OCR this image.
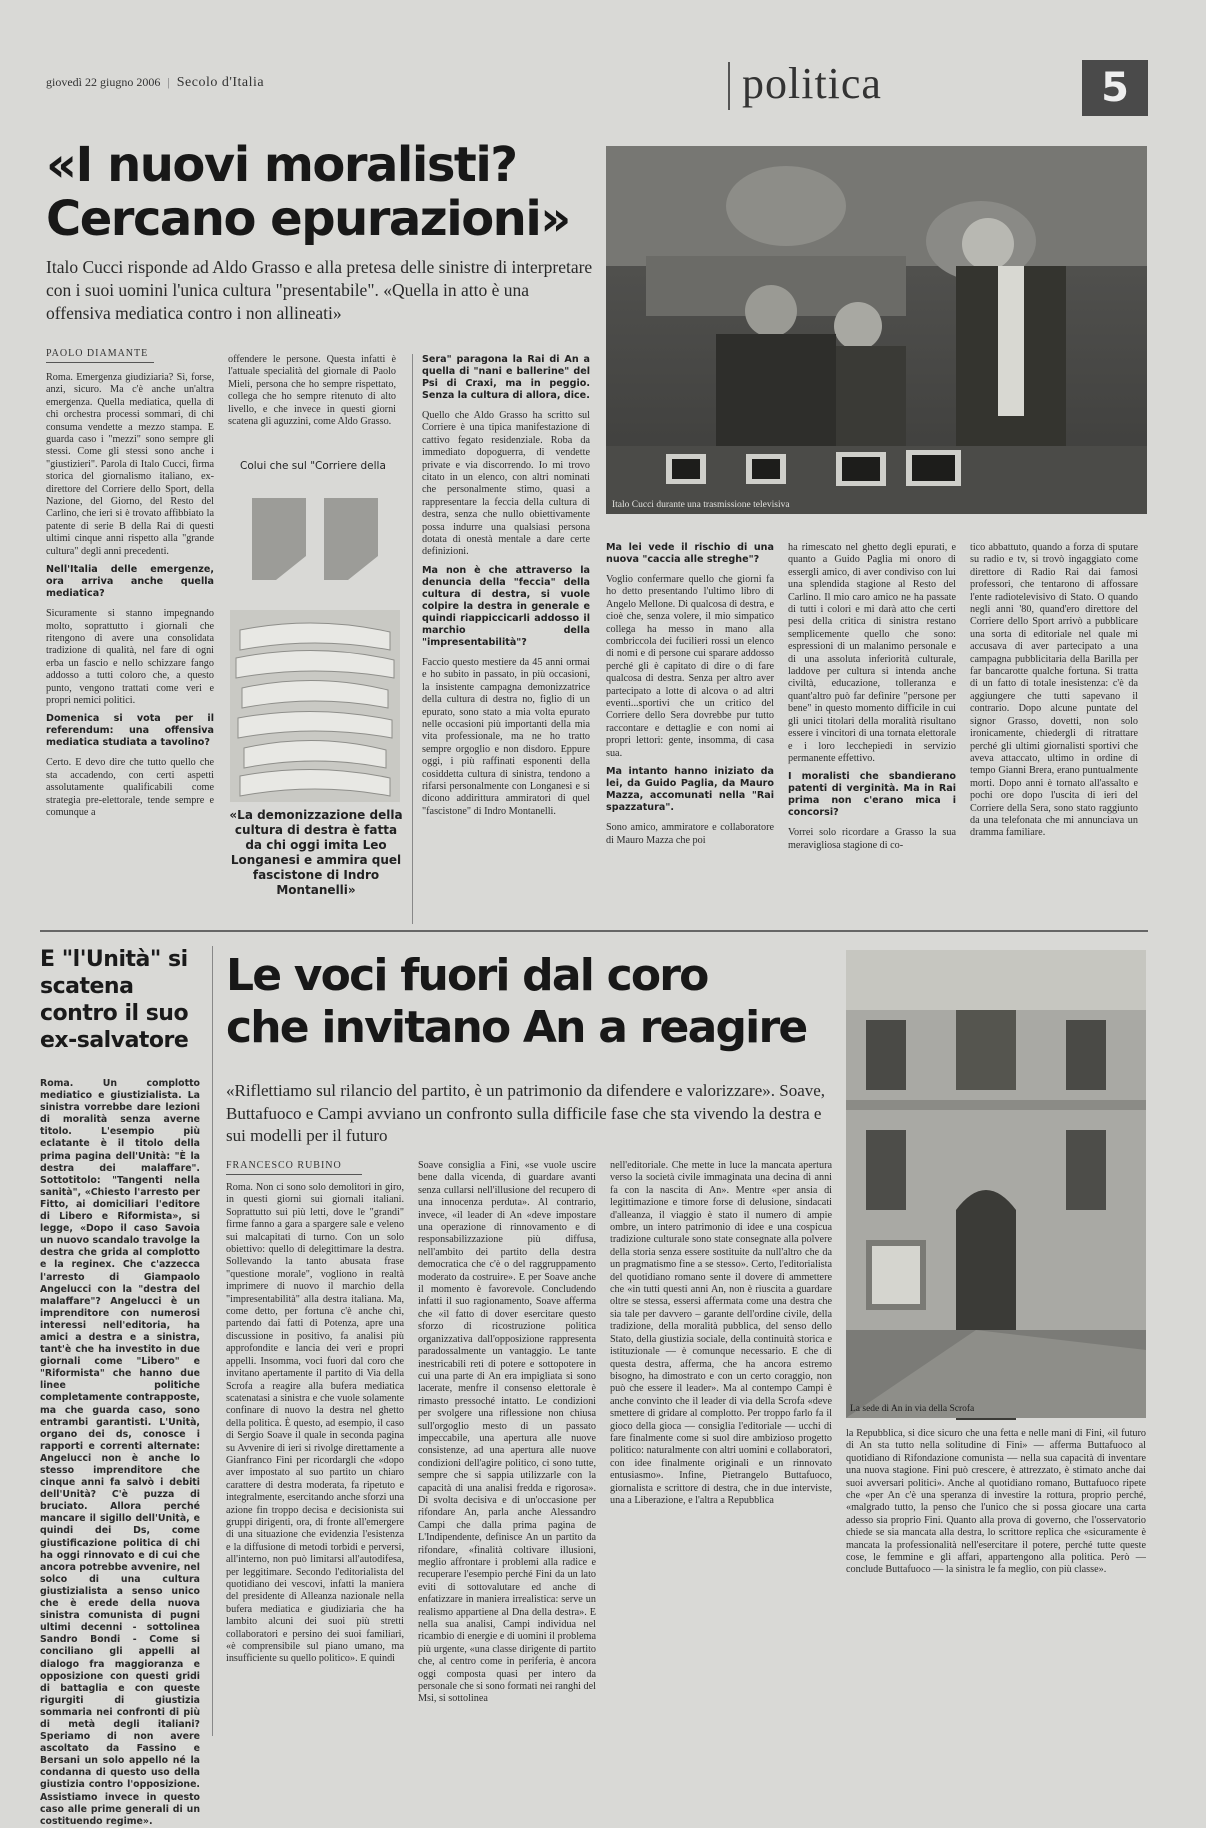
giovedì 22 giugno 2006 | Secolo d'Italia	politica	5
«I nuovi moralisti?
Cercano epurazioni»
Italo Cucci risponde ad Aldo Grasso e alla pretesa delle sinistre di interpretare con i suoi uomini l'unica cultura "presentabile". «Quella in atto è una offensiva mediatica contro i non allineati»
PAOLO DIAMANTE
Italo Cucci durante una trasmissione televisiva

Roma. Emergenza giudiziaria? Sì, forse, anzi, sicuro. Ma c'è anche un'altra emergenza. Quella mediatica, quella di chi orchestra processi sommari, di chi consuma vendette a mezzo stampa. E guarda caso i "mezzi" sono sempre gli stessi. Come gli stessi sono anche i "giustizieri". Parola di Italo Cucci, firma storica del giornalismo italiano, ex-direttore del Corriere dello Sport, della Nazione, del Giorno, del Resto del Carlino, che ieri si è trovato affibbiato la patente di serie B della Rai di questi ultimi cinque anni rispetto alla "grande cultura" degli anni precedenti.

Nell'Italia delle emergenze, ora arriva anche quella mediatica?

Sicuramente si stanno impegnando molto, soprattutto i giornali che ritengono di avere una consolidata tradizione di qualità, nel fare di ogni erba un fascio e nello schizzare fango addosso a tutti coloro che, a questo punto, vengono trattati come veri e propri nemici politici.

Domenica si vota per il referendum: una offensiva mediatica studiata a tavolino?

Certo. E devo dire che tutto quello che sta accadendo, con certi aspetti assolutamente qualificabili come strategia pre-elettorale, tende sempre e comunque a

offendere le persone. Questa infatti è l'attuale specialità del giornale di Paolo Mieli, persona che ho sempre rispettato, collega che ho sempre ritenuto di alto livello, e che invece in questi giorni scatena gli aguzzini, come Aldo Grasso.

Colui che sul "Corriere della
«La demonizzazione della cultura di destra è fatta da chi oggi imita Leo Longanesi e ammira quel fascistone di Indro Montanelli»
Sera" paragona la Rai di An a quella di "nani e ballerine" del Psi di Craxi, ma in peggio. Senza la cultura di allora, dice.

Quello che Aldo Grasso ha scritto sul Corriere è una tipica manifestazione di cattivo fegato residenziale. Roba da immediato dopoguerra, di vendette private e via discorrendo. Io mi trovo citato in un elenco, con altri nominati che personalmente stimo, quasi a rappresentare la feccia della cultura di destra, senza che nullo obiettivamente possa indurre una qualsiasi persona dotata di onestà mentale a dare certe definizioni.

Ma non è che attraverso la denuncia della "feccia" della cultura di destra, si vuole colpire la destra in generale e quindi riappiccicarli addosso il marchio della "impresentabilità"?

Faccio questo mestiere da 45 anni ormai e ho subito in passato, in più occasioni, la insistente campagna demonizzatrice della cultura di destra no, figlio di un epurato, sono stato a mia volta epurato nelle occasioni più importanti della mia vita professionale, ma ne ho tratto sempre orgoglio e non disdoro. Eppure oggi, i più raffinati esponenti della cosiddetta cultura di sinistra, tendono a rifarsi personalmente con Longanesi e si dicono addirittura ammiratori di quel "fascistone" di Indro Montanelli.

Ma lei vede il rischio di una nuova "caccia alle streghe"?

Voglio confermare quello che giorni fa ho detto presentando l'ultimo libro di Angelo Mellone. Di qualcosa di destra, e cioè che, senza volere, il mio simpatico collega ha messo in mano alla combriccola dei fucilieri rossi un elenco di nomi e di persone cui sparare addosso perché gli è capitato di dire o di fare qualcosa di destra. Senza per altro aver partecipato a lotte di alcova o ad altri eventi...sportivi che un critico del Corriere dello Sera dovrebbe pur tutto raccontare e dettaglie e con nomi ai propri lettori: gente, insomma, di casa sua.

Ma intanto hanno iniziato da lei, da Guido Paglia, da Mauro Mazza, accomunati nella "Rai spazzatura".

Sono amico, ammiratore e collaboratore di Mauro Mazza che poi

ha rimescato nel ghetto degli epurati, e quanto a Guido Paglia mi onoro di essergli amico, di aver condiviso con lui una splendida stagione al Resto del Carlino. Il mio caro amico ne ha passate di tutti i colori e mi darà atto che certi pesi della critica di sinistra restano semplicemente quello che sono: espressioni di un malanimo personale e di una assoluta inferiorità culturale, laddove per cultura si intenda anche civiltà, educazione, tolleranza e quant'altro può far definire "persone per bene" in questo momento difficile in cui gli unici titolari della moralità risultano essere i vincitori di una tornata elettorale e i loro lecchepiedi in servizio permanente effettivo.

I moralisti che sbandierano patenti di verginità. Ma in Rai prima non c'erano mica i concorsi?

Vorrei solo ricordare a Grasso la sua meravigliosa stagione di co-

tico abbattuto, quando a forza di sputare su radio e tv, si trovò ingaggiato come direttore di Radio Rai dai famosi professori, che tentarono di affossare l'ente radiotelevisivo di Stato. O quando negli anni '80, quand'ero direttore del Corriere dello Sport arrivò a pubblicare una sorta di editoriale nel quale mi accusava di aver partecipato a una campagna pubblicitaria della Barilla per far bancarotte qualche fortuna. Si tratta di un fatto di totale inesistenza: c'è da aggiungere che tutti sapevano il contrario. Dopo alcune puntate del signor Grasso, dovetti, non solo ironicamente, chiedergli di ritrattare perché gli ultimi giornalisti sportivi che aveva attaccato, ultimo in ordine di tempo Gianni Brera, erano puntualmente morti. Dopo anni è tornato all'assalto e pochi ore dopo l'uscita di ieri del Corriere della Sera, sono stato raggiunto da una telefonata che mi annunciava un dramma familiare.

E "l'Unità" si scatena contro il suo ex-salvatore
Roma. Un complotto mediatico e giustizialista. La sinistra vorrebbe dare lezioni di moralità senza averne titolo. L'esempio più eclatante è il titolo della prima pagina dell'Unità: "È la destra dei malaffare". Sottotitolo: "Tangenti nella sanità", «Chiesto l'arresto per Fitto, ai domiciliari l'editore di Libero e Riformista», si legge, «Dopo il caso Savoia un nuovo scandalo travolge la destra che grida al complotto e la reginex. Che c'azzecca l'arresto di Giampaolo Angelucci con la "destra del malaffare"? Angelucci è un imprenditore con numerosi interessi nell'editoria, ha amici a destra e a sinistra, tant'è che ha investito in due giornali come "Libero" e "Riformista" che hanno due linee politiche completamente contrapposte, ma che guarda caso, sono entrambi garantisti. L'Unità, organo dei ds, conosce i rapporti e correnti alternate: Angelucci non è anche lo stesso imprenditore che cinque anni fa salvò i debiti dell'Unità? C'è puzza di bruciato. Allora perché mancare il sigillo dell'Unità, e quindi dei Ds, come giustificazione politica di chi ha oggi rinnovato e di cui che ancora potrebbe avvenire, nel solco di una cultura giustizialista a senso unico che è erede della nuova sinistra comunista di pugni ultimi decenni - sottolinea Sandro Bondi - Come si conciliano gli appelli al dialogo fra maggioranza e opposizione con questi gridi di battaglia e con queste rigurgiti di giustizia sommaria nei confronti di più di metà degli italiani? Speriamo di non avere ascoltato da Fassino e Bersani un solo appello né la condanna di questo uso della giustizia contro l'opposizione. Assistiamo invece in questo caso alle prime generali di un costituendo regime».
Le voci fuori dal coro
che invitano An a reagire
«Riflettiamo sul rilancio del partito, è un patrimonio da difendere e valorizzare». Soave, Buttafuoco e Campi avviano un confronto sulla difficile fase che sta vivendo la destra e sui modelli per il futuro
FRANCESCO RUBINO
La sede di An in via della Scrofa

Roma. Non ci sono solo demolitori in giro, in questi giorni sui giornali italiani. Soprattutto sui più letti, dove le "grandi" firme fanno a gara a spargere sale e veleno sui malcapitati di turno. Con un solo obiettivo: quello di delegittimare la destra. Sollevando la tanto abusata frase "questione morale", vogliono in realtà imprimere di nuovo il marchio della "impresentabilità" alla destra italiana. Ma, come detto, per fortuna c'è anche chi, partendo dai fatti di Potenza, apre una discussione in positivo, fa analisi più approfondite e lancia dei veri e propri appelli. Insomma, voci fuori dal coro che invitano apertamente il partito di Via della Scrofa a reagire alla bufera mediatica scatenatasi a sinistra e che vuole solamente confinare di nuovo la destra nel ghetto della politica. È questo, ad esempio, il caso di Sergio Soave il quale in seconda pagina su Avvenire di ieri si rivolge direttamente a Gianfranco Fini per ricordargli che «dopo aver impostato al suo partito un chiaro carattere di destra moderata, fa ripetuto e integralmente, esercitando anche sforzi una azione fin troppo decisa e decisionista sui gruppi dirigenti, ora, di fronte all'emergere di una situazione che evidenzia l'esistenza e la diffusione di metodi torbidi e perversi, all'interno, non può limitarsi all'autodifesa, per leggitimare. Secondo l'editorialista del quotidiano dei vescovi, infatti la maniera del presidente di Alleanza nazionale nella bufera mediatica e giudiziaria che ha lambito alcuni dei suoi più stretti collaboratori e persino dei suoi familiari, «è comprensibile sul piano umano, ma insufficiente su quello politico». E quindi

Soave consiglia a Fini, «se vuole uscire bene dalla vicenda, di guardare avanti senza cullarsi nell'illusione del recupero di una innocenza perduta». Al contrario, invece, «il leader di An «deve impostare una operazione di rinnovamento e di responsabilizzazione più diffusa, nell'ambito dei partito della destra democratica che c'è o del raggruppamento moderato da costruire». E per Soave anche il momento è favorevole. Concludendo infatti il suo ragionamento, Soave afferma che «il fatto di dover esercitare questo sforzo di ricostruzione politica organizzativa dall'opposizione rappresenta paradossalmente un vantaggio. Le tante inestricabili reti di potere e sottopotere in cui una parte di An era impigliata si sono lacerate, menfre il consenso elettorale è rimasto pressoché intatto. Le condizioni per svolgere una riflessione non chiusa sull'orgoglio mesto di un passato impeccabile, una apertura alle nuove consistenze, ad una apertura alle nuove condizioni dell'agire politico, ci sono tutte, sempre che si sappia utilizzarle con la capacità di una analisi fredda e rigorosa». Di svolta decisiva e di un'occasione per rifondare An, parla anche Alessandro Campi che dalla prima pagina de L'Indipendente, definisce An un partito da rifondare, «finalità coltivare illusioni, meglio affrontare i problemi alla radice e recuperare l'esempio perché Fini da un lato eviti di sottovalutare ed anche di enfatizzare in maniera irrealistica: serve un realismo appartiene al Dna della destra». E nella sua analisi, Campi individua nel ricambio di energie e di uomini il problema più urgente, «una classe dirigente di partito che, al centro come in periferia, è ancora oggi composta quasi per intero da personale che si sono formati nei ranghi del Msi, si sottolinea

nell'editoriale. Che mette in luce la mancata apertura verso la società civile immaginata una decina di anni fa con la nascita di An». Mentre «per ansia di legittimazione e timore forse di delusione, sindacati d'alleanza, il viaggio è stato il numero di ampie ombre, un intero patrimonio di idee e una cospicua tradizione culturale sono state consegnate alla polvere della storia senza essere sostituite da null'altro che da un pragmatismo fine a se stesso». Certo, l'editorialista del quotidiano romano sente il dovere di ammettere che «in tutti questi anni An, non è riuscita a guardare oltre se stessa, essersi affermata come una destra che sia tale per davvero – garante dell'ordine civile, della tradizione, della moralità pubblica, del senso dello Stato, della giustizia sociale, della continuità storica e istituzionale — è comunque necessario. E che di questa destra, afferma, che ha ancora estremo bisogno, ha dimostrato e con un certo coraggio, non può che essere il leader». Ma al contempo Campi è anche convinto che il leader di via della Scrofa «deve smettere di gridare al complotto. Per troppo farlo fa il gioco della gioca — consiglia l'editoriale — ucchi di fare finalmente come si suol dire ambizioso progetto politico: naturalmente con altri uomini e collaboratori, con idee finalmente originali e un rinnovato entusiasmo». Infine, Pietrangelo Buttafuoco, giornalista e scrittore di destra, che in due interviste, una a Liberazione, e l'altra a Repubblica

la Repubblica, si dice sicuro che una fetta e nelle mani di Fini, «il futuro di An sta tutto nella solitudine di Fini» — afferma Buttafuoco al quotidiano di Rifondazione comunista — nella sua capacità di inventare una nuova stagione. Fini può crescere, è attrezzato, è stimato anche dai suoi avversari politici». Anche al quotidiano romano, Buttafuoco ripete che «per An c'è una speranza di investire la rottura, proprio perché, «malgrado tutto, la penso che l'unico che si possa giocare una carta adesso sia proprio Fini. Quanto alla prova di governo, che l'osservatorio chiede se sia mancata alla destra, lo scrittore replica che «sicuramente è mancata la professionalità nell'esercitare il potere, perché tutte queste cose, le femmine e gli affari, appartengono alla politica. Però — conclude Buttafuoco — la sinistra le fa meglio, con più classe».
